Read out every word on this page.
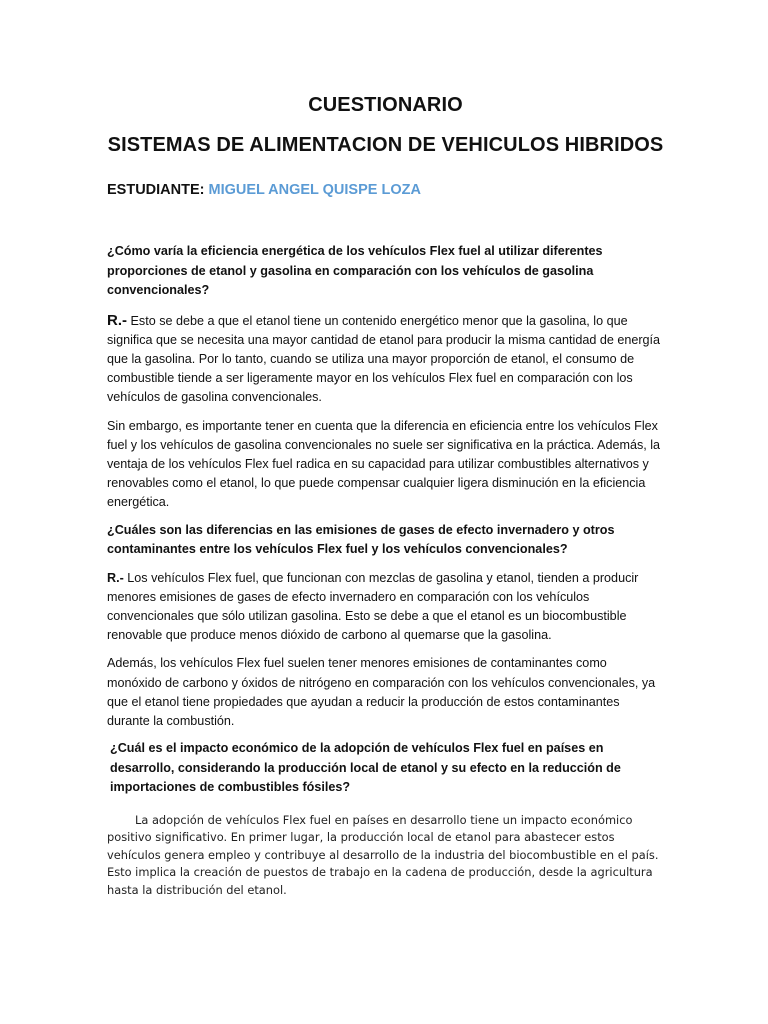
CUESTIONARIO
SISTEMAS DE ALIMENTACION DE VEHICULOS HIBRIDOS
ESTUDIANTE: MIGUEL ANGEL QUISPE LOZA

¿Cómo varía la eficiencia energética de los vehículos Flex fuel al utilizar diferentes proporciones de etanol y gasolina en comparación con los vehículos de gasolina convencionales?

R.- Esto se debe a que el etanol tiene un contenido energético menor que la gasolina, lo que significa que se necesita una mayor cantidad de etanol para producir la misma cantidad de energía que la gasolina. Por lo tanto, cuando se utiliza una mayor proporción de etanol, el consumo de combustible tiende a ser ligeramente mayor en los vehículos Flex fuel en comparación con los vehículos de gasolina convencionales.

Sin embargo, es importante tener en cuenta que la diferencia en eficiencia entre los vehículos Flex fuel y los vehículos de gasolina convencionales no suele ser significativa en la práctica. Además, la ventaja de los vehículos Flex fuel radica en su capacidad para utilizar combustibles alternativos y renovables como el etanol, lo que puede compensar cualquier ligera disminución en la eficiencia energética.

¿Cuáles son las diferencias en las emisiones de gases de efecto invernadero y otros contaminantes entre los vehículos Flex fuel y los vehículos convencionales?

R.- Los vehículos Flex fuel, que funcionan con mezclas de gasolina y etanol, tienden a producir menores emisiones de gases de efecto invernadero en comparación con los vehículos convencionales que sólo utilizan gasolina. Esto se debe a que el etanol es un biocombustible renovable que produce menos dióxido de carbono al quemarse que la gasolina.

Además, los vehículos Flex fuel suelen tener menores emisiones de contaminantes como monóxido de carbono y óxidos de nitrógeno en comparación con los vehículos convencionales, ya que el etanol tiene propiedades que ayudan a reducir la producción de estos contaminantes durante la combustión.

¿Cuál es el impacto económico de la adopción de vehículos Flex fuel en países en desarrollo, considerando la producción local de etanol y su efecto en la reducción de importaciones de combustibles fósiles?

La adopción de vehículos Flex fuel en países en desarrollo tiene un impacto económico positivo significativo. En primer lugar, la producción local de etanol para abastecer estos vehículos genera empleo y contribuye al desarrollo de la industria del biocombustible en el país. Esto implica la creación de puestos de trabajo en la cadena de producción, desde la agricultura hasta la distribución del etanol.
